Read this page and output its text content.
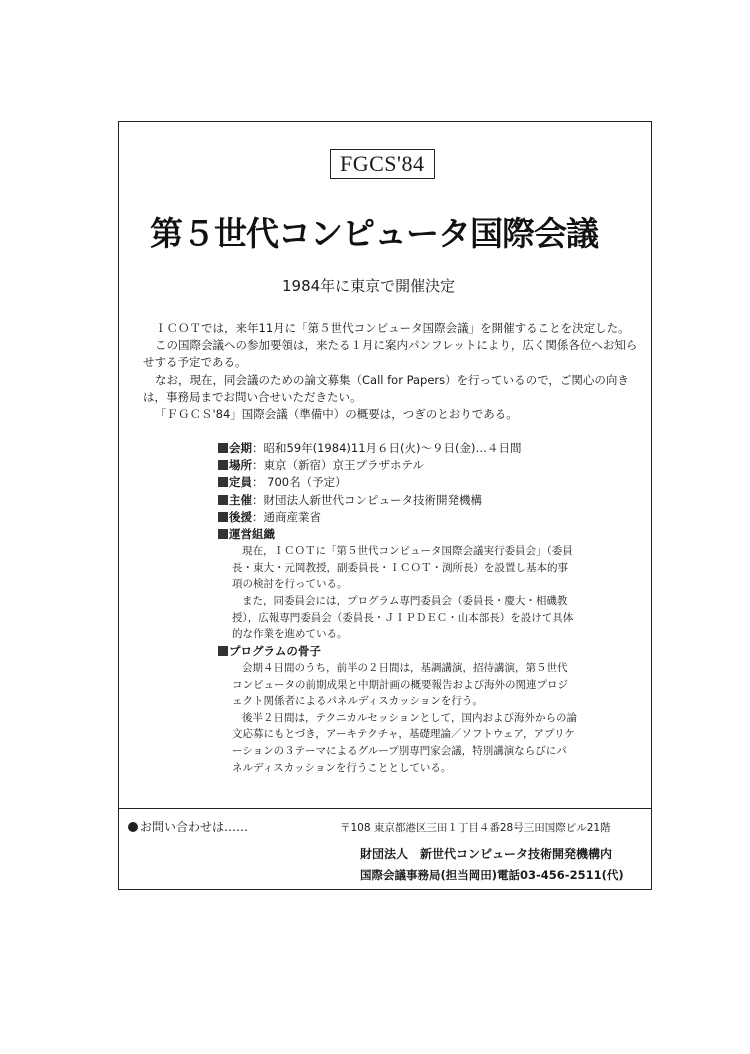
FGCS'84
第５世代コンピュータ国際会議
1984年に東京で開催決定

ＩＣＯＴでは，来年11月に「第５世代コンピュータ国際会議」を開催することを決定した。

この国際会議への参加要領は，来たる１月に案内パンフレットにより，広く関係各位へお知らせする予定である。

なお，現在，同会議のための論文募集（Call for Papers）を行っているので，ご関心の向きは，事務局までお問い合せいただきたい。

「ＦＧＣＳ'84」国際会議（準備中）の概要は，つぎのとおりである。

会期：昭和59年(1984)11月６日(火)～９日(金)…４日間

場所：東京（新宿）京王プラザホテル

定員： 700名（予定）

主催：財団法人新世代コンピュータ技術開発機構

後援：通商産業省

運営組織

現在，ＩＣＯＴに「第５世代コンピュータ国際会議実行委員会」（委員長・東大・元岡教授，副委員長・ＩＣＯＴ・渕所長）を設置し基本的事項の検討を行っている。

また，同委員会には，プログラム専門委員会（委員長・慶大・相磯教授），広報専門委員会（委員長・ＪＩＰＤＥＣ・山本部長）を設けて具体的な作業を進めている。

プログラムの骨子

会期４日間のうち，前半の２日間は，基調講演，招待講演，第５世代コンピュータの前期成果と中期計画の概要報告および海外の関連プロジェクト関係者によるパネルディスカッションを行う。

後半２日間は，テクニカルセッションとして，国内および海外からの論文応募にもとづき，アーキテクチャ，基礎理論／ソフトウェア，アプリケーションの３テーマによるグループ別専門家会議，特別講演ならびにパネルディスカッションを行うこととしている。

お問い合わせは……	〒108 東京都港区三田１丁目４番28号三田国際ビル21階
財団法人　新世代コンピュータ技術開発機構内
国際会議事務局(担当岡田)電話03-456-2511(代)
